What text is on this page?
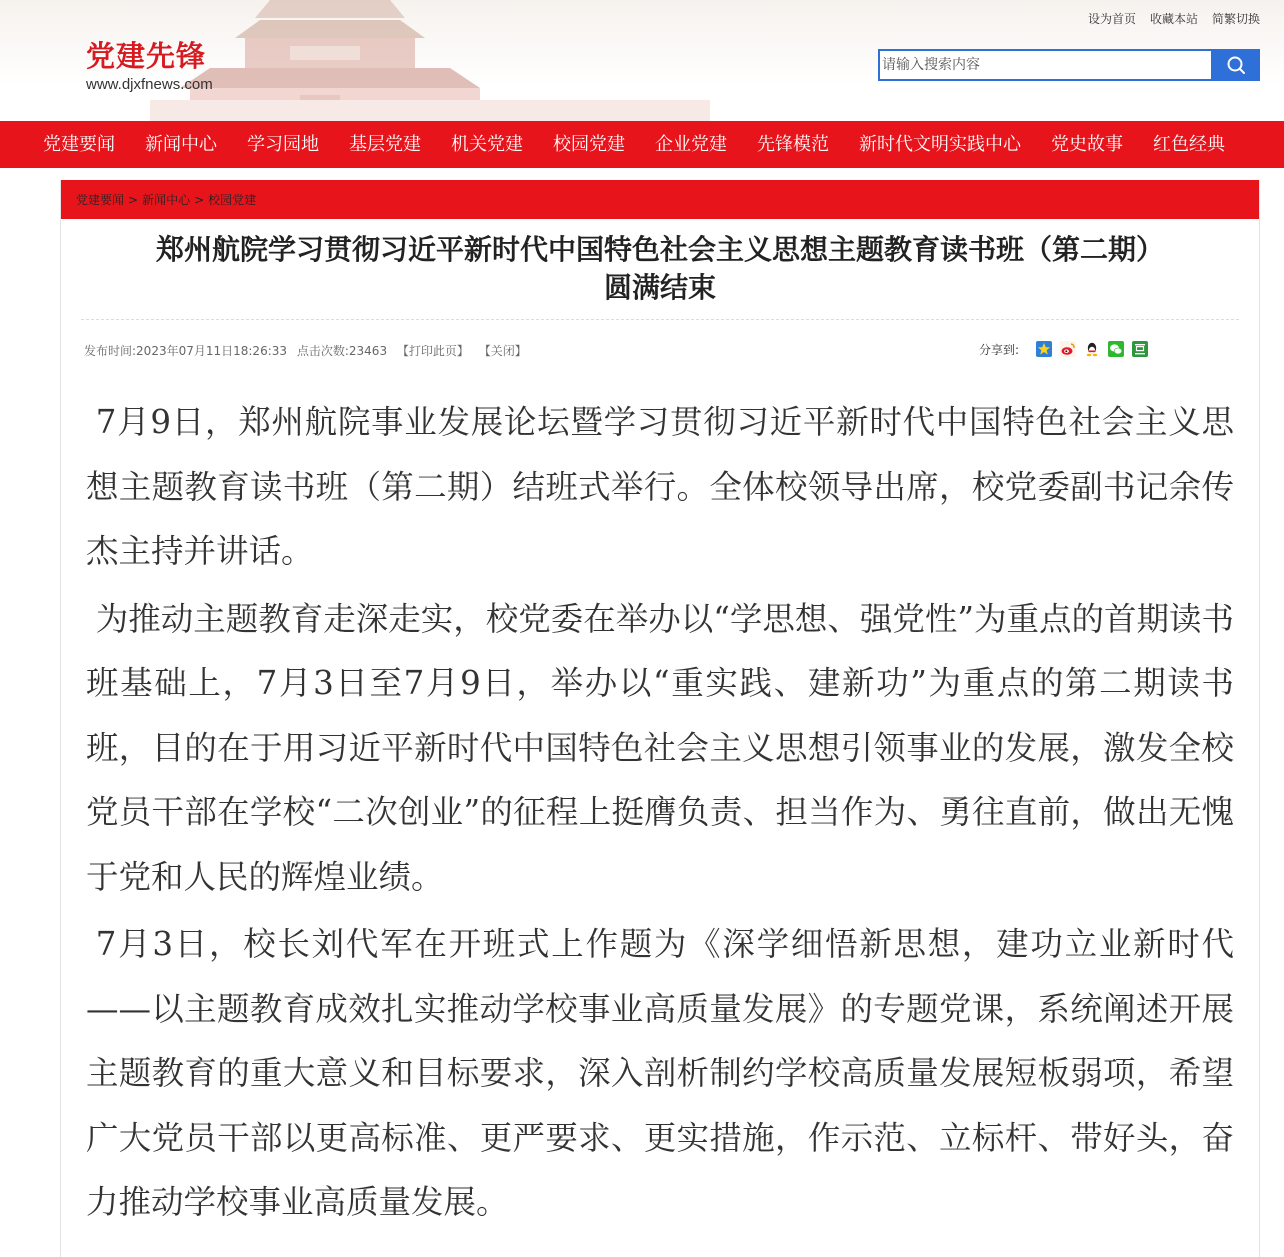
党建先锋
www.djxfnews.com
设为首页 收藏本站 简繁切换
请输入搜索内容
党建要闻	新闻中心	学习园地	基层党建	机关党建	校园党建	企业党建	先锋模范	新时代文明实践中心	党史故事	红色经典
党建要闻 > 新闻中心 > 校园党建
郑州航院学习贯彻习近平新时代中国特色社会主义思想主题教育读书班（第二期）
圆满结束
发布时间:2023年07月11日18:26:33 点击次数:23463 【打印此页】 【关闭】	分享到:

7月9日，郑州航院事业发展论坛暨学习贯彻习近平新时代中国特色社会主义思想主题教育读书班（第二期）结班式举行。全体校领导出席，校党委副书记余传杰主持并讲话。

为推动主题教育走深走实，校党委在举办以“学思想、强党性”为重点的首期读书班基础上，7月3日至7月9日，举办以“重实践、建新功”为重点的第二期读书班，目的在于用习近平新时代中国特色社会主义思想引领事业的发展，激发全校党员干部在学校“二次创业”的征程上挺膺负责、担当作为、勇往直前，做出无愧于党和人民的辉煌业绩。

7月3日，校长刘代军在开班式上作题为《深学细悟新思想，建功立业新时代——以主题教育成效扎实推动学校事业高质量发展》的专题党课，系统阐述开展主题教育的重大意义和目标要求，深入剖析制约学校高质量发展短板弱项，希望广大党员干部以更高标准、更严要求、更实措施，作示范、立标杆、带好头，奋力推动学校事业高质量发展。
